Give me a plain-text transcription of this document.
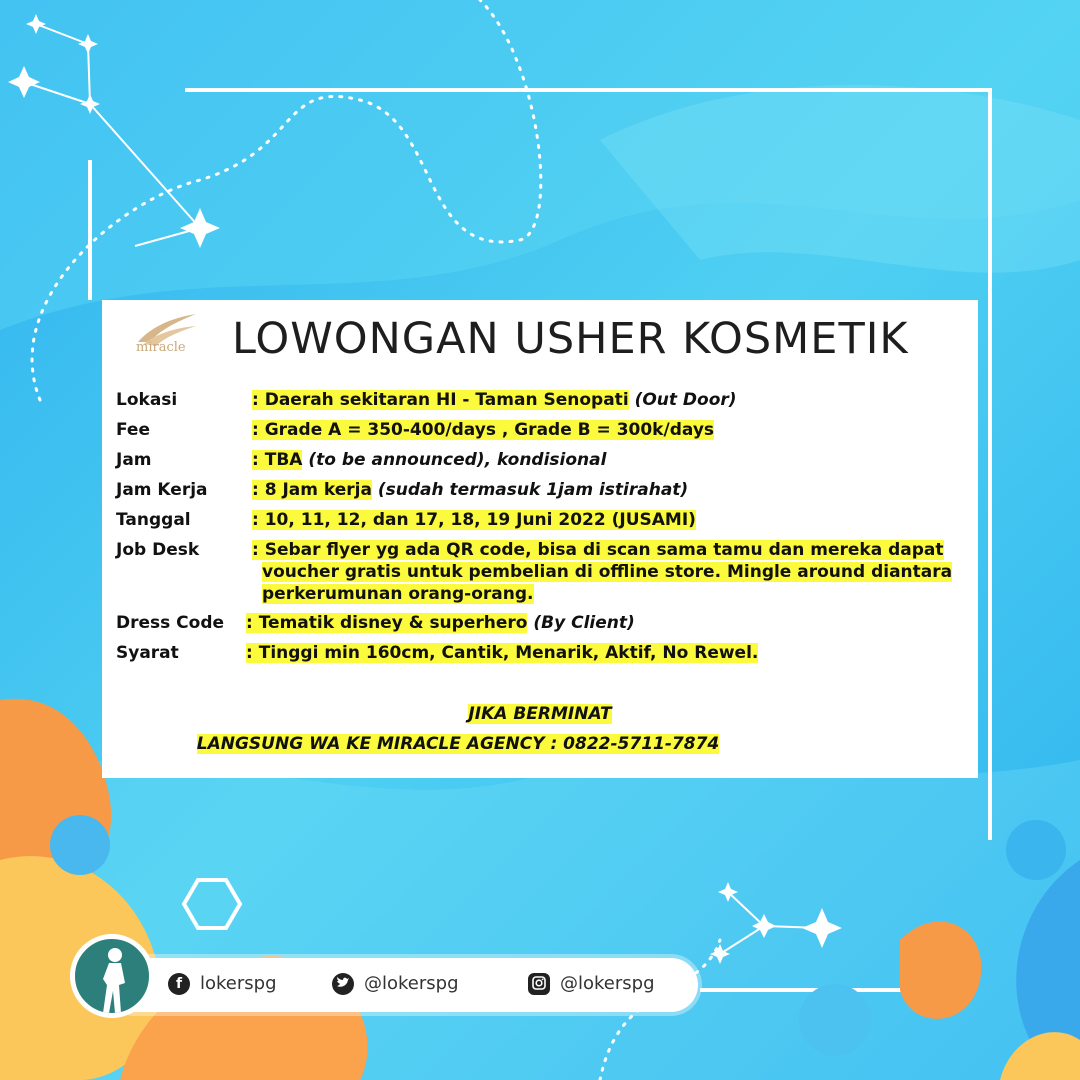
miracle LOWONGAN USHER KOSMETIK
Lokasi	: Daerah sekitaran HI - Taman Senopati (Out Door)
Fee	: Grade A = 350-400/days , Grade B = 300k/days
Jam	: TBA (to be announced), kondisional
Jam Kerja	: 8 Jam kerja (sudah termasuk 1jam istirahat)
Tanggal	: 10, 11, 12, dan 17, 18, 19 Juni 2022 (JUSAMI)
Job Desk	: Sebar flyer yg ada QR code, bisa di scan sama tamu dan mereka dapat
voucher gratis untuk pembelian di offline store. Mingle around diantara
perkerumunan orang-orang.
Dress Code : Tematik disney & superhero (By Client)
Syarat	: Tinggi min 160cm, Cantik, Menarik, Aktif, No Rewel.
JIKA BERMINAT
LANGSUNG WA KE MIRACLE AGENCY : 0822-5711-7874
f lokerspg	@lokerspg	@lokerspg
